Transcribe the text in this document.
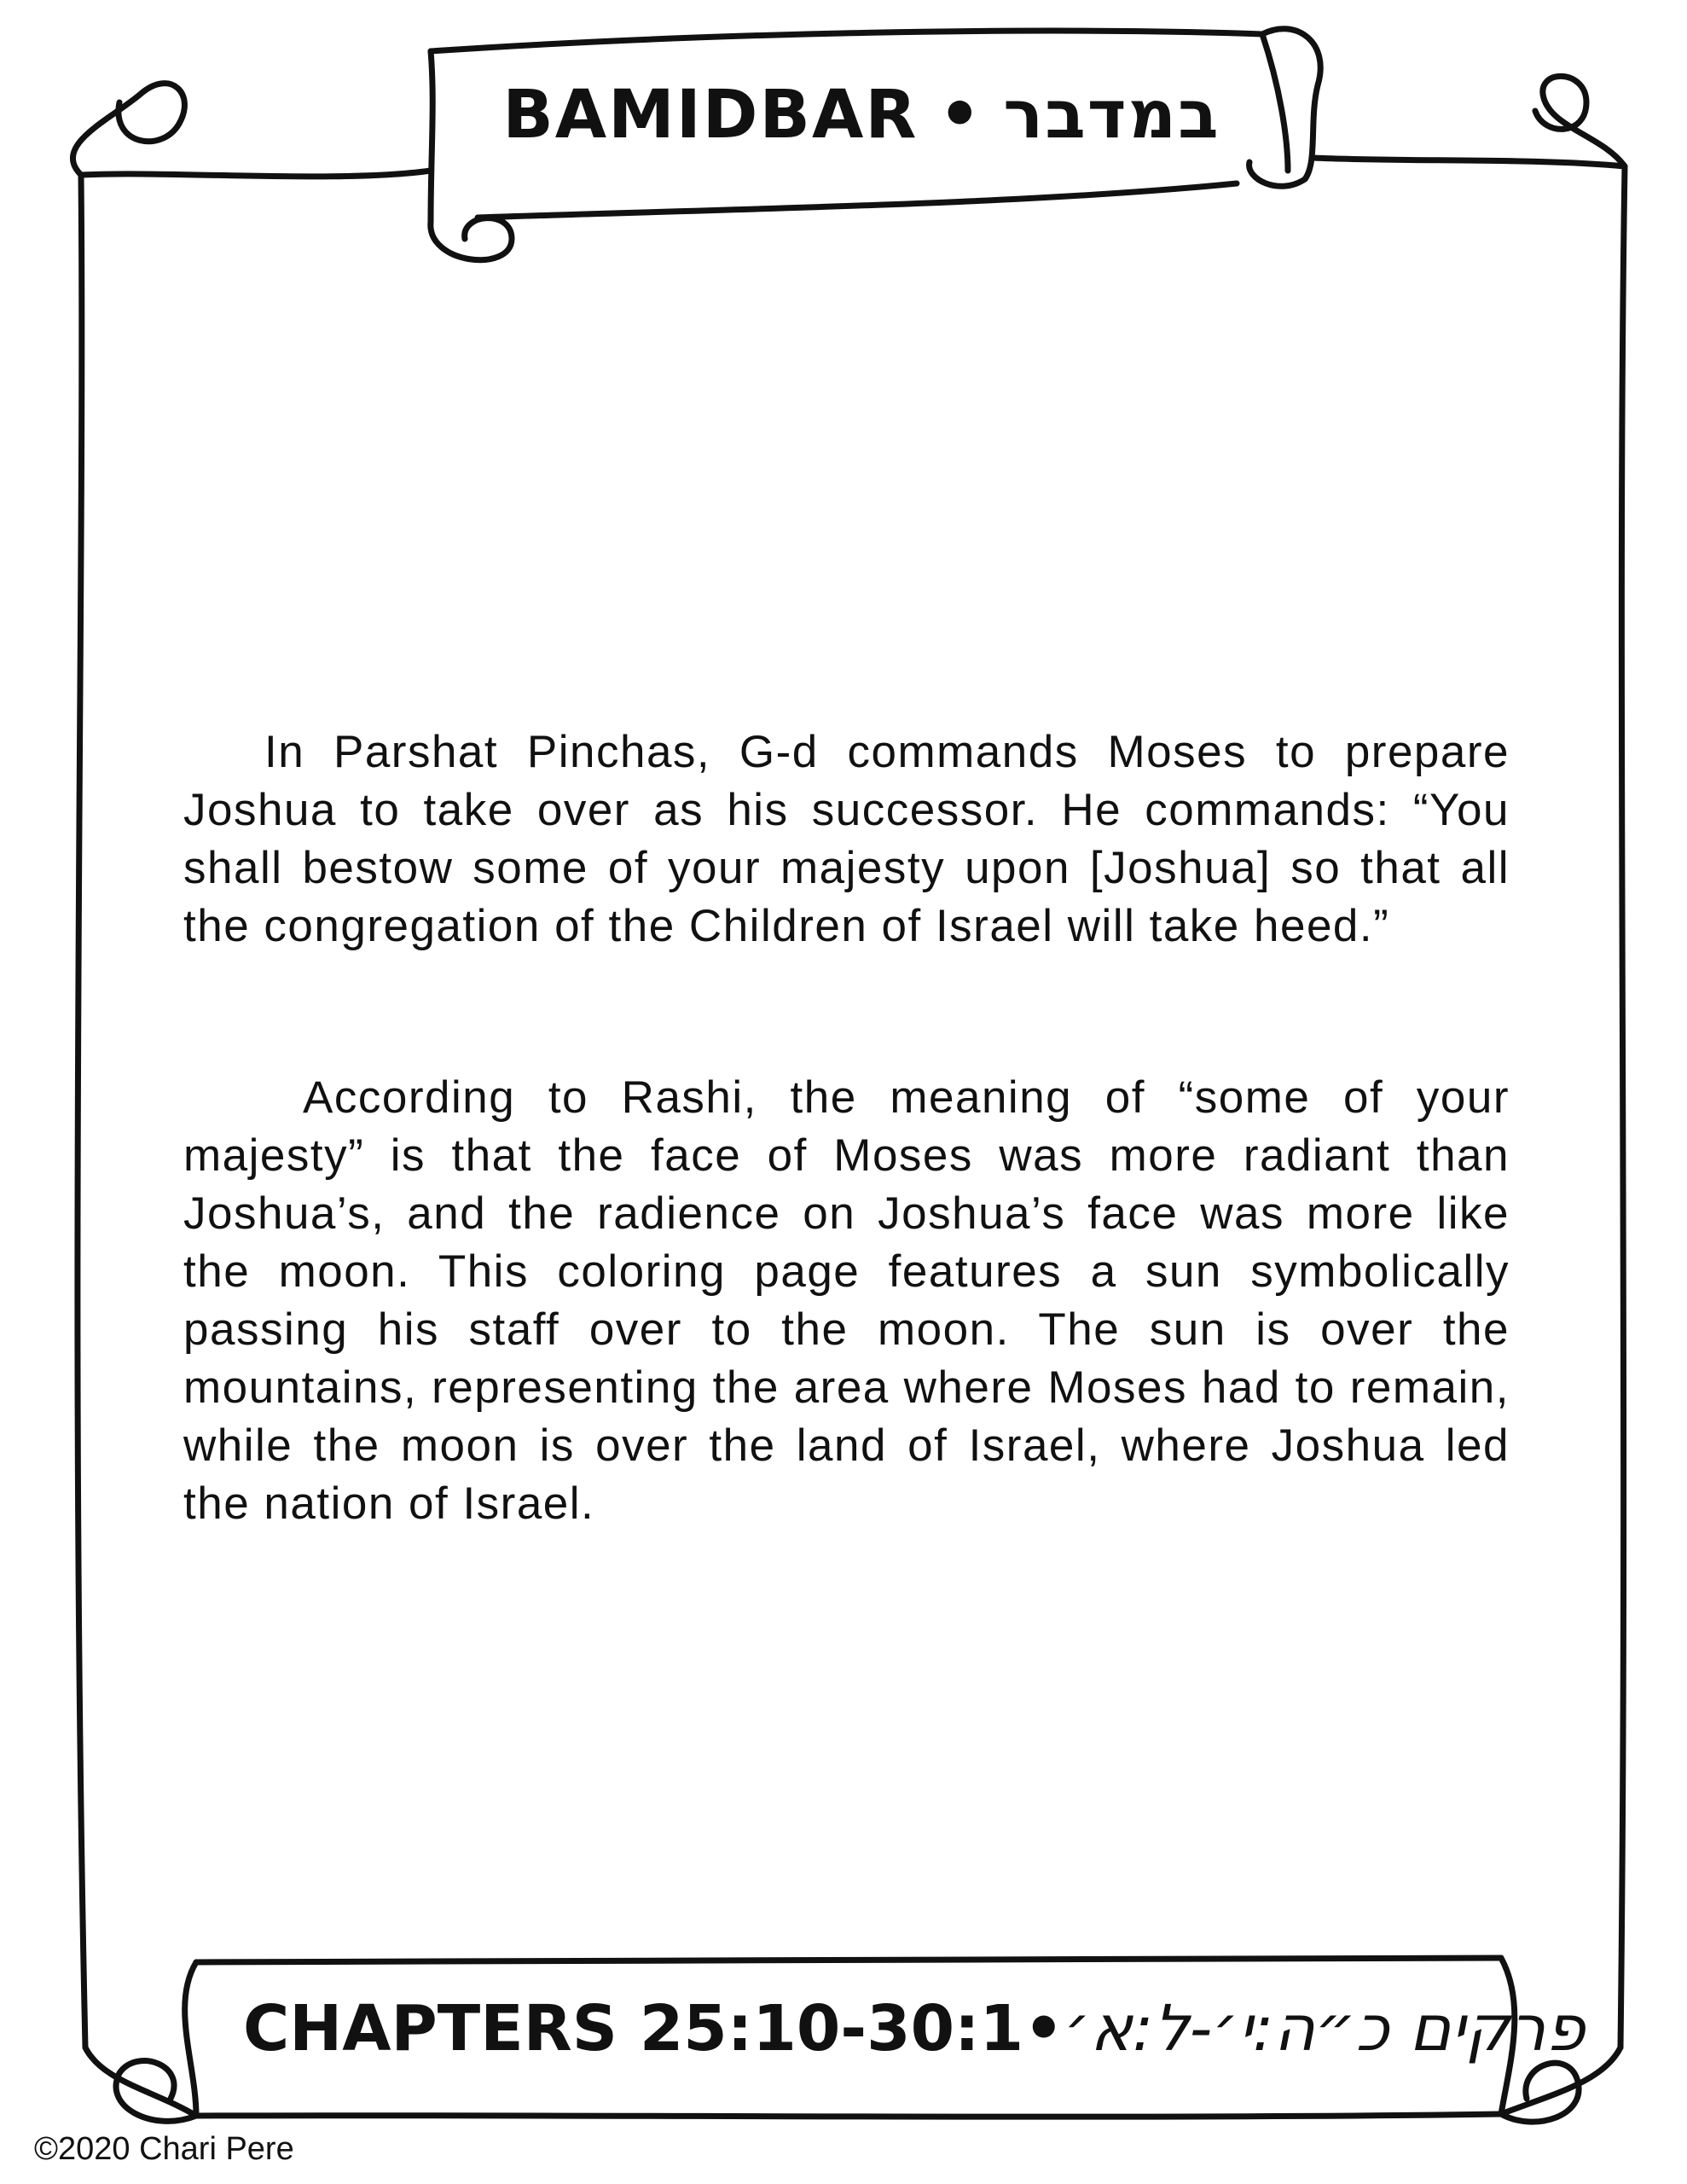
BAMIDBAR • במדבר

In Parshat Pinchas, G-d commands Moses to prepare Joshua to take over as his successor. He commands: “You shall bestow some of your majesty upon [Joshua] so that all the congregation of the Children of Israel will take heed.”

According to Rashi, the meaning of “some of your majesty” is that the face of Moses was more radiant than Joshua’s, and the radience on Joshua’s face was more like the moon. This coloring page features a sun symbolically passing his staff over to the moon. The sun is over the mountains, representing the area where Moses had to remain, while the moon is over the land of Israel, where Joshua led the nation of Israel.

CHAPTERS 25:10-30:1 • פרקים כ״ה:י׳-ל:א׳
©2020 Chari Pere
